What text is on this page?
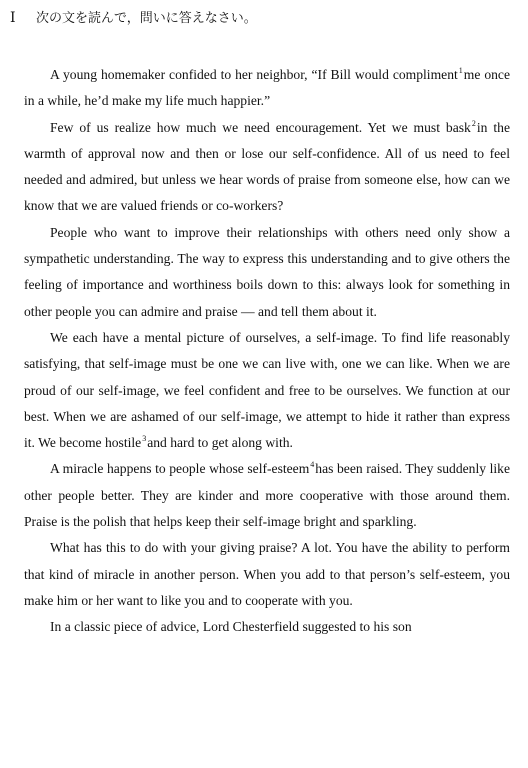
I 次の文を読んで，問いに答えなさい。

A young homemaker confided to her neighbor, “If Bill would compliment$^1$me once in a while, he’d make my life much happier.”

Few of us realize how much we need encouragement. Yet we must bask$^2$in the warmth of approval now and then or lose our self-confidence. All of us need to feel needed and admired, but unless we hear words of praise from someone else, how can we know that we are valued friends or co-workers?

People who want to improve their relationships with others need only show a sympathetic understanding. The way to express this understanding and to give others the feeling of importance and worthiness boils down to this: always look for something in other people you can admire and praise — and tell them about it.

We each have a mental picture of ourselves, a self-image. To find life reasonably satisfying, that self-image must be one we can live with, one we can like. When we are proud of our self-image, we feel confident and free to be ourselves. We function at our best. When we are ashamed of our self-image, we attempt to hide it rather than express it. We become hostile$^3$and hard to get along with.

A miracle happens to people whose self-esteem$^4$has been raised. They suddenly like other people better. They are kinder and more cooperative with those around them. Praise is the polish that helps keep their self-image bright and sparkling.

What has this to do with your giving praise? A lot. You have the ability to perform that kind of miracle in another person. When you add to that person’s self-esteem, you make him or her want to like you and to cooperate with you.

In a classic piece of advice, Lord Chesterfield suggested to his son
